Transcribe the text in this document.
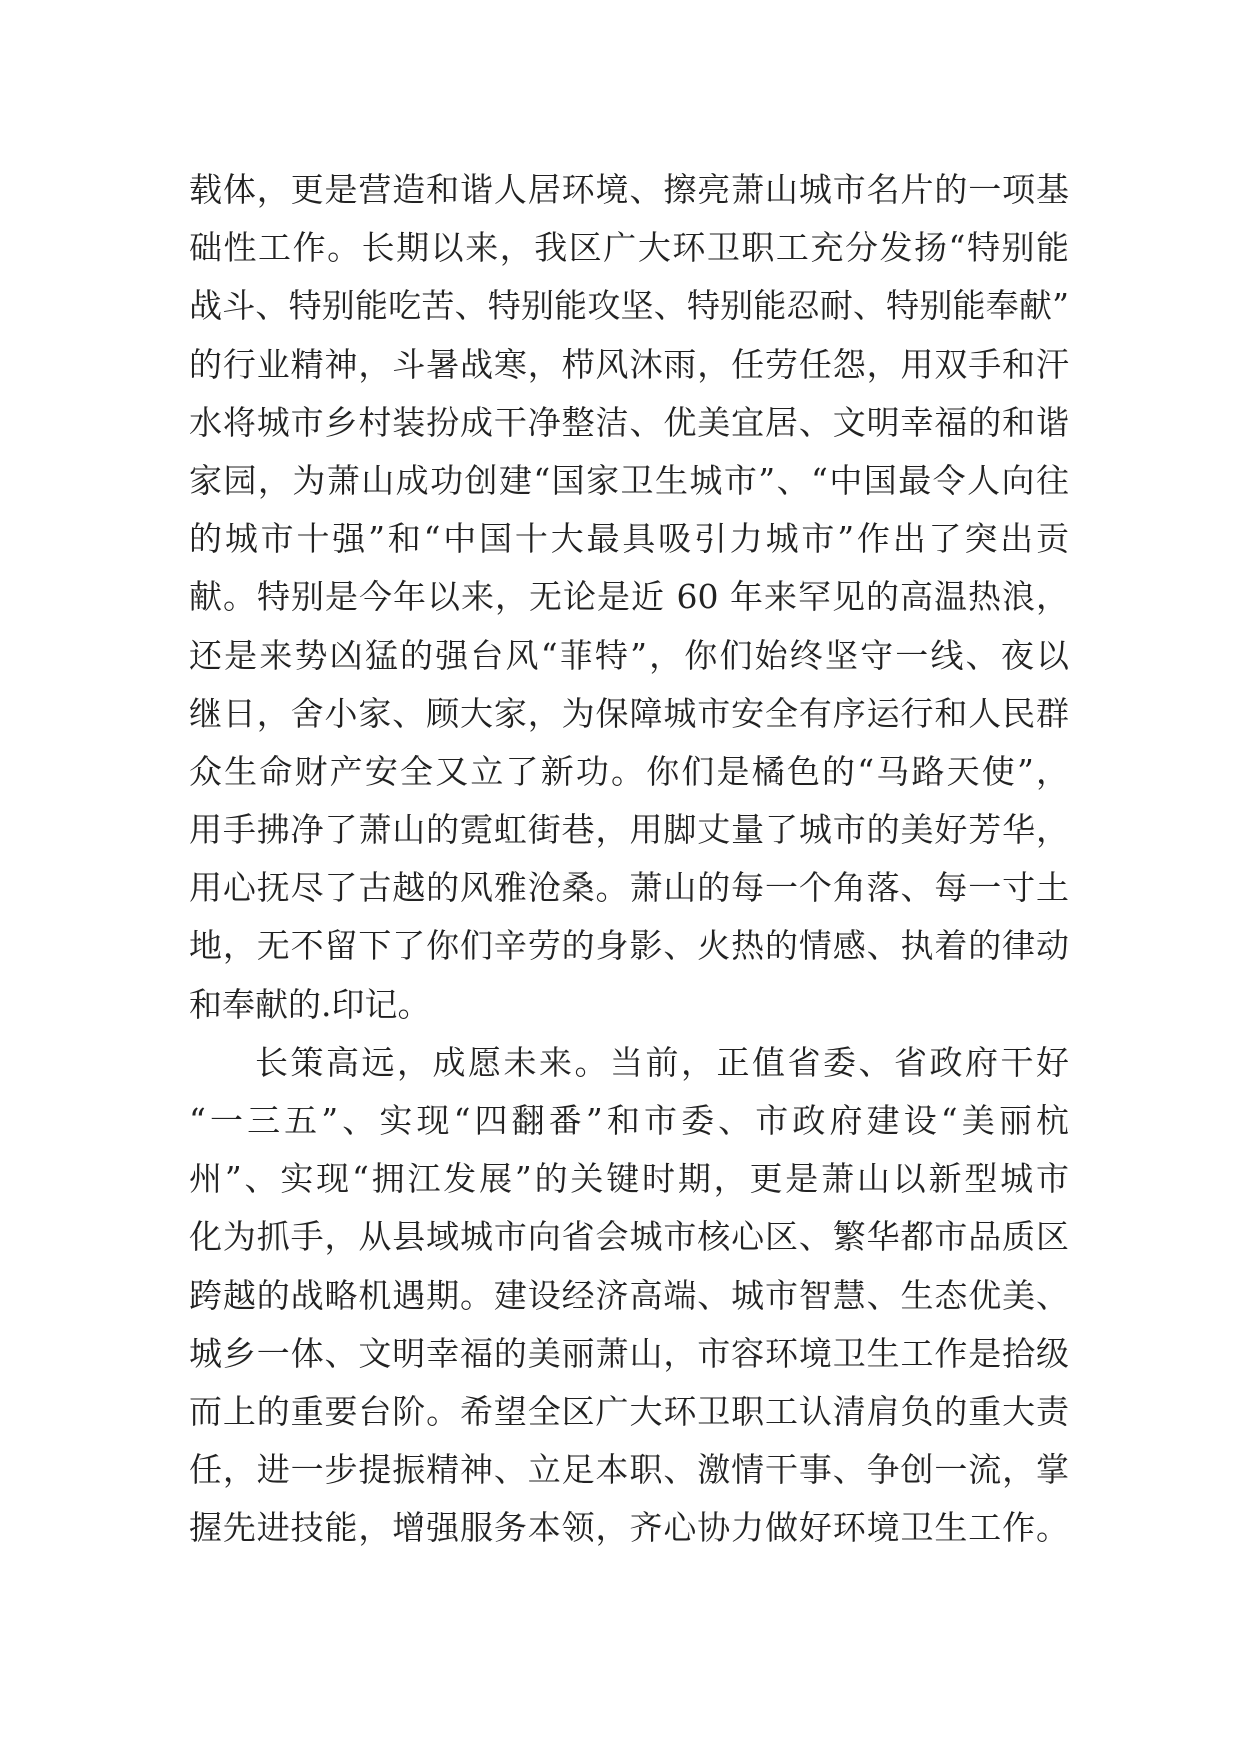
载体，更是营造和谐人居环境、擦亮萧山城市名片的一项基
础性工作。长期以来，我区广大环卫职工充分发扬“特别能
战斗、特别能吃苦、特别能攻坚、特别能忍耐、特别能奉献”
的行业精神，斗暑战寒，栉风沐雨，任劳任怨，用双手和汗
水将城市乡村装扮成干净整洁、优美宜居、文明幸福的和谐
家园，为萧山成功创建“国家卫生城市”、“中国最令人向往
的城市十强”和“中国十大最具吸引力城市”作出了突出贡
献。特别是今年以来，无论是近 60 年来罕见的高温热浪，
还是来势凶猛的强台风“菲特”，你们始终坚守一线、夜以
继日，舍小家、顾大家，为保障城市安全有序运行和人民群
众生命财产安全又立了新功。你们是橘色的“马路天使”，
用手拂净了萧山的霓虹街巷，用脚丈量了城市的美好芳华，
用心抚尽了古越的风雅沧桑。萧山的每一个角落、每一寸土
地，无不留下了你们辛劳的身影、火热的情感、执着的律动
和奉献的.印记。
长策高远，成愿未来。当前，正值省委、省政府干好
“一三五”、实现“四翻番”和市委、市政府建设“美丽杭
州”、实现“拥江发展”的关键时期，更是萧山以新型城市
化为抓手，从县域城市向省会城市核心区、繁华都市品质区
跨越的战略机遇期。建设经济高端、城市智慧、生态优美、
城乡一体、文明幸福的美丽萧山，市容环境卫生工作是拾级
而上的重要台阶。希望全区广大环卫职工认清肩负的重大责
任，进一步提振精神、立足本职、激情干事、争创一流，掌
握先进技能，增强服务本领，齐心协力做好环境卫生工作。
